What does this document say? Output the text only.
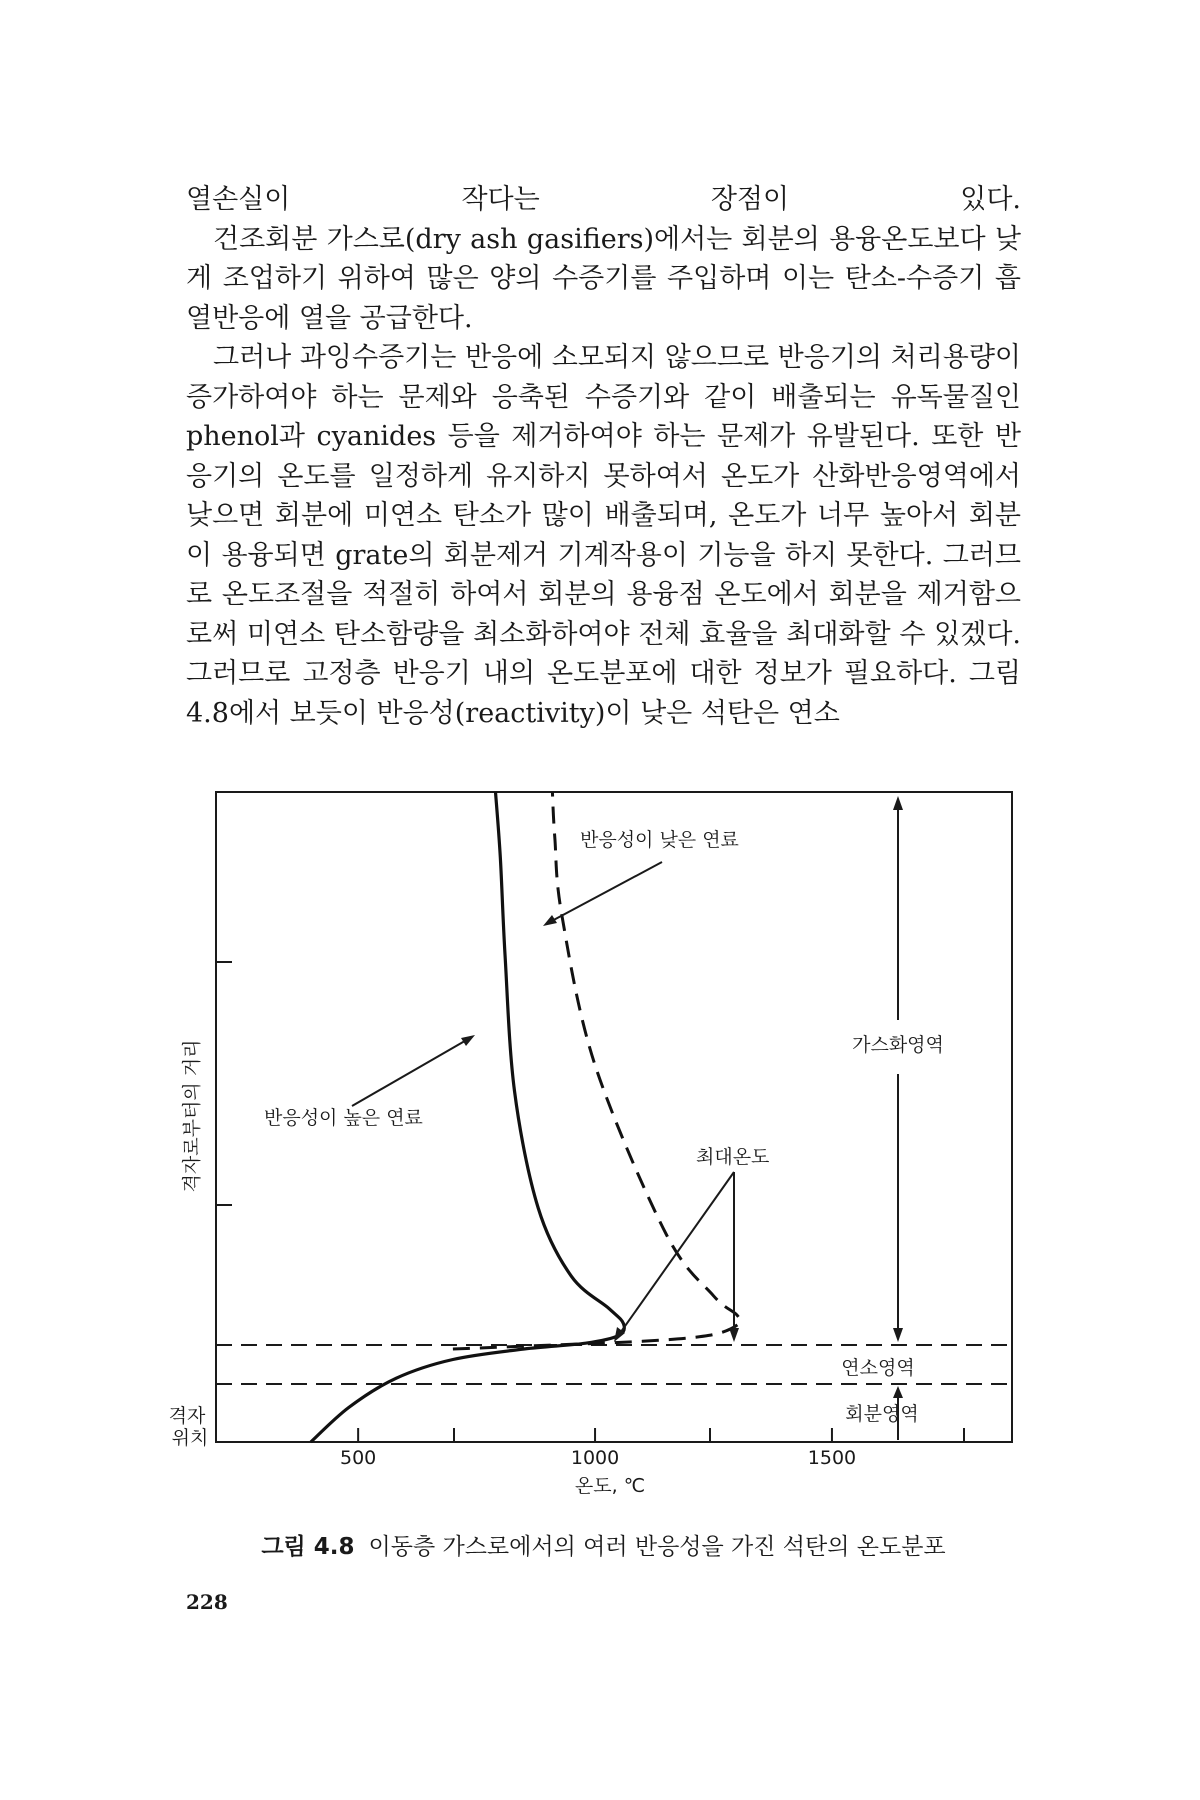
열손실이 작다는 장점이 있다.

건조회분 가스로(dry ash gasifiers)에서는 회분의 용융온도보다 낮게 조업하기 위하여 많은 양의 수증기를 주입하며 이는 탄소-수증기 흡열반응에 열을 공급한다.

그러나 과잉수증기는 반응에 소모되지 않으므로 반응기의 처리용량이 증가하여야 하는 문제와 응축된 수증기와 같이 배출되는 유독물질인 phenol과 cyanides 등을 제거하여야 하는 문제가 유발된다. 또한 반응기의 온도를 일정하게 유지하지 못하여서 온도가 산화반응영역에서 낮으면 회분에 미연소 탄소가 많이 배출되며, 온도가 너무 높아서 회분이 용융되면 grate의 회분제거 기계작용이 기능을 하지 못한다. 그러므로 온도조절을 적절히 하여서 회분의 용융점 온도에서 회분을 제거함으로써 미연소 탄소함량을 최소화하여야 전체 효율을 최대화할 수 있겠다. 그러므로 고정층 반응기 내의 온도분포에 대한 정보가 필요하다. 그림 4.8에서 보듯이 반응성(reactivity)이 낮은 석탄은 연소

500	1000	1500
가스화영역
연소영역
회분영역
반응성이 낮은 연료
반응성이 높은 연료
최대온도
격자로부터의 거리
격자 위치
온도, ℃
그림 4.8 이동층 가스로에서의 여러 반응성을 가진 석탄의 온도분포
228
